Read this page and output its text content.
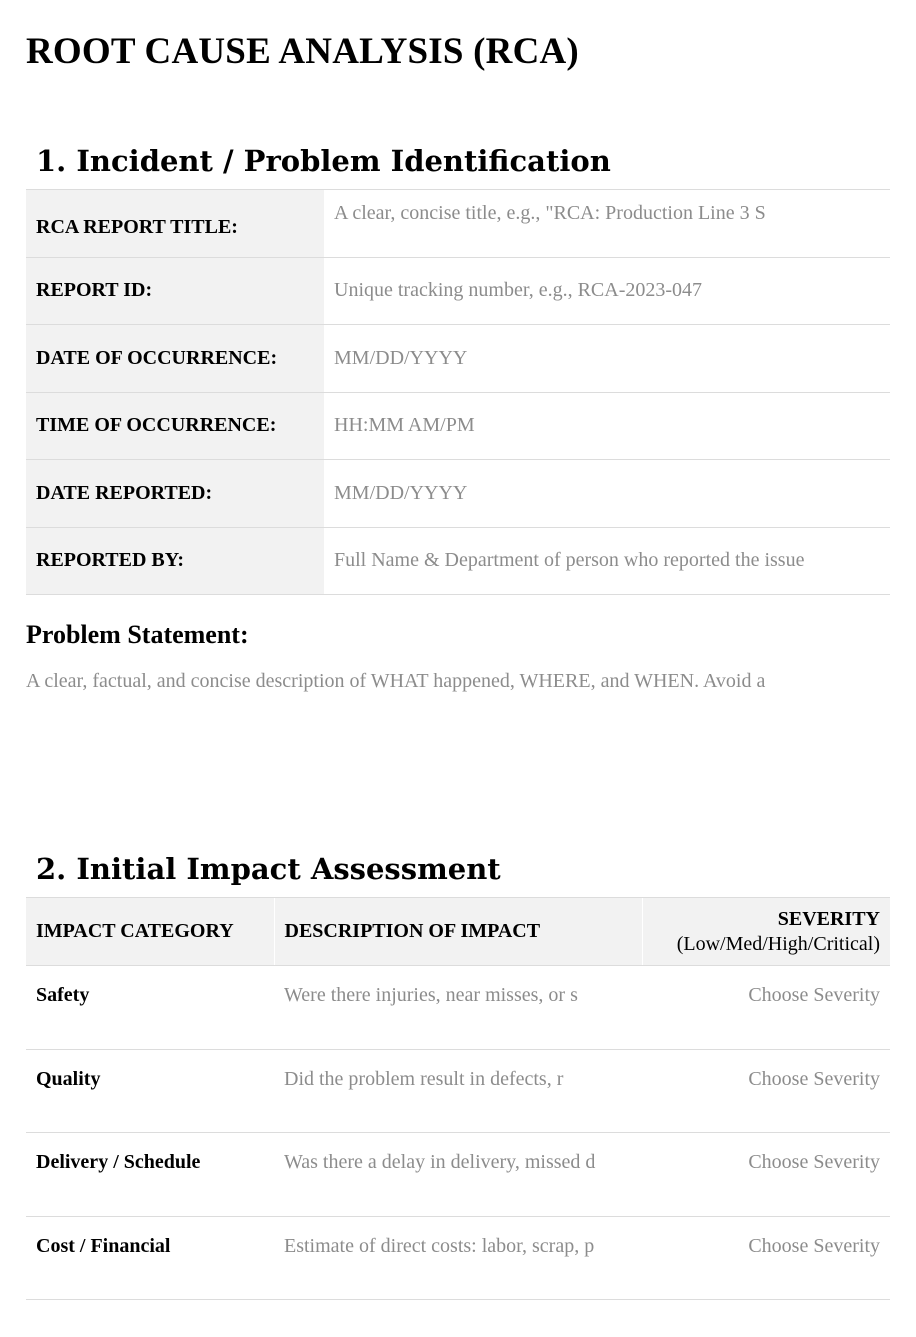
ROOT CAUSE ANALYSIS (RCA)
1. Incident / Problem Identification
RCA REPORT TITLE:	A clear, concise title, e.g., "RCA: Production Line 3 S
REPORT ID:	Unique tracking number, e.g., RCA-2023-047
DATE OF OCCURRENCE:	MM/DD/YYYY
TIME OF OCCURRENCE:	HH:MM AM/PM
DATE REPORTED:	MM/DD/YYYY
REPORTED BY:	Full Name & Department of person who reported the issue
Problem Statement:
A clear, factual, and concise description of WHAT happened, WHERE, and WHEN. Avoid a
2. Initial Impact Assessment
IMPACT CATEGORY	DESCRIPTION OF IMPACT	SEVERITY
(Low/Med/High/Critical)
Safety	Were there injuries, near misses, or s	Choose Severity
Quality	Did the problem result in defects, r	Choose Severity
Delivery / Schedule	Was there a delay in delivery, missed d	Choose Severity
Cost / Financial	Estimate of direct costs: labor, scrap, p	Choose Severity
